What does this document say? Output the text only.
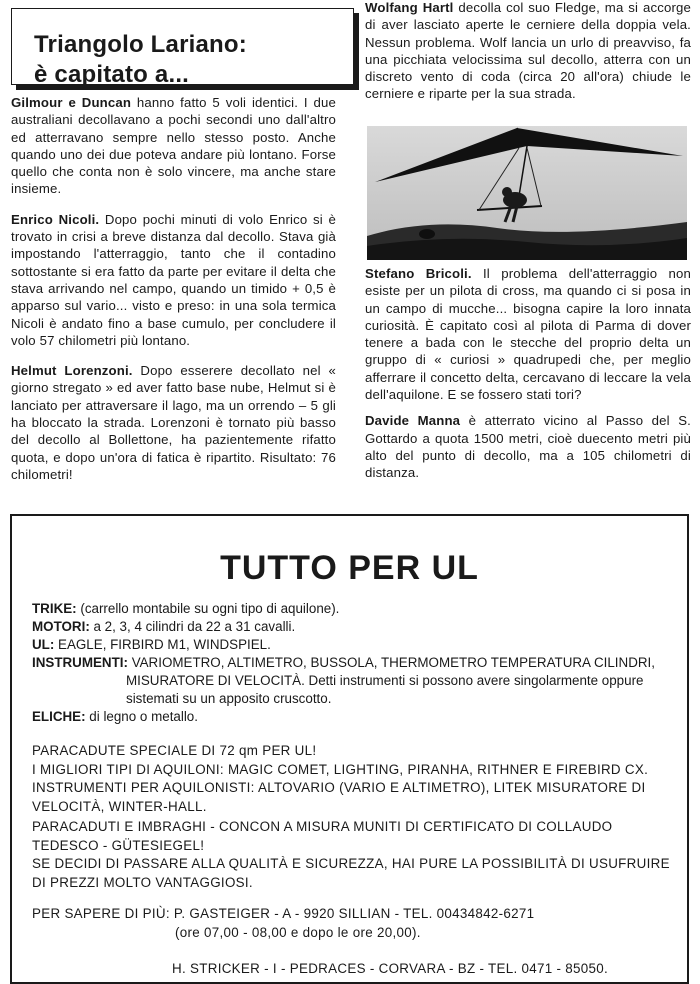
Triangolo Lariano:
è capitato a...

Gilmour e Duncan hanno fatto 5 voli identici. I due australiani decollavano a pochi secondi uno dall'altro ed atterravano sempre nello stesso posto. Anche quando uno dei due poteva andare più lontano. Forse quello che conta non è solo vincere, ma anche stare insieme.

Enrico Nicoli. Dopo pochi minuti di volo Enrico si è trovato in crisi a breve distanza dal decollo. Stava già impostando l'atterraggio, tanto che il contadino sottostante si era fatto da parte per evitare il delta che stava arrivando nel campo, quando un timido + 0,5 è apparso sul vario... visto e preso: in una sola termica Nicoli è andato fino a base cumulo, per concludere il volo 57 chilometri più lontano.

Helmut Lorenzoni. Dopo esserere decollato nel « giorno stregato » ed aver fatto base nube, Helmut si è lanciato per attraversare il lago, ma un orrendo – 5 gli ha bloccato la strada. Lorenzoni è tornato più basso del decollo al Bollettone, ha pazientemente rifatto quota, e dopo un'ora di fatica è ripartito. Risultato: 76 chilometri!

Wolfang Hartl decolla col suo Fledge, ma si accorge di aver lasciato aperte le cerniere della doppia vela. Nessun problema. Wolf lancia un urlo di preavviso, fa una picchiata velocissima sul decollo, atterra con un discreto vento di coda (circa 20 all'ora) chiude le cerniere e riparte per la sua strada.

Stefano Bricoli. Il problema dell'atterraggio non esiste per un pilota di cross, ma quando ci si posa in un campo di mucche... bisogna capire la loro innata curiosità. È capitato così al pilota di Parma di dover tenere a bada con le stecche del proprio delta un gruppo di « curiosi » quadrupedi che, per meglio afferrare il concetto delta, cercavano di leccare la vela dell'aquilone. E se fossero stati tori?

Davide Manna è atterrato vicino al Passo del S. Gottardo a quota 1500 metri, cioè duecento metri più alto del punto di decollo, ma a 105 chilometri di distanza.

TUTTO PER UL
TRIKE: (carrello montabile su ogni tipo di aquilone).
MOTORI: a 2, 3, 4 cilindri da 22 a 31 cavalli.
UL: EAGLE, FIRBIRD M1, WINDSPIEL.
INSTRUMENTI: VARIOMETRO, ALTIMETRO, BUSSOLA, THERMOMETRO TEMPERATURA CILINDRI, MISURATORE DI VELOCITÀ. Detti instrumenti si possono avere singolarmente oppure sistemati su un apposito cruscotto.
ELICHE: di legno o metallo.
PARACADUTE SPECIALE DI 72 qm PER UL!
I MIGLIORI TIPI DI AQUILONI: MAGIC COMET, LIGHTING, PIRANHA, RITHNER E FIREBIRD CX.
INSTRUMENTI PER AQUILONISTI: ALTOVARIO (VARIO E ALTIMETRO), LITEK MISURATORE DI VELOCITÀ, WINTER-HALL.
PARACADUTI E IMBRAGHI - CONCON A MISURA MUNITI DI CERTIFICATO DI COLLAUDO TEDESCO - GÜTESIEGEL!
SE DECIDI DI PASSARE ALLA QUALITÀ E SICUREZZA, HAI PURE LA POSSIBILITÀ DI USUFRUIRE DI PREZZI MOLTO VANTAGGIOSI.
PER SAPERE DI PIÙ: P. GASTEIGER - A - 9920 SILLIAN - TEL. 00434842-6271
(ore 07,00 - 08,00 e dopo le ore 20,00).
H. STRICKER - I - PEDRACES - CORVARA - BZ - TEL. 0471 - 85050.
